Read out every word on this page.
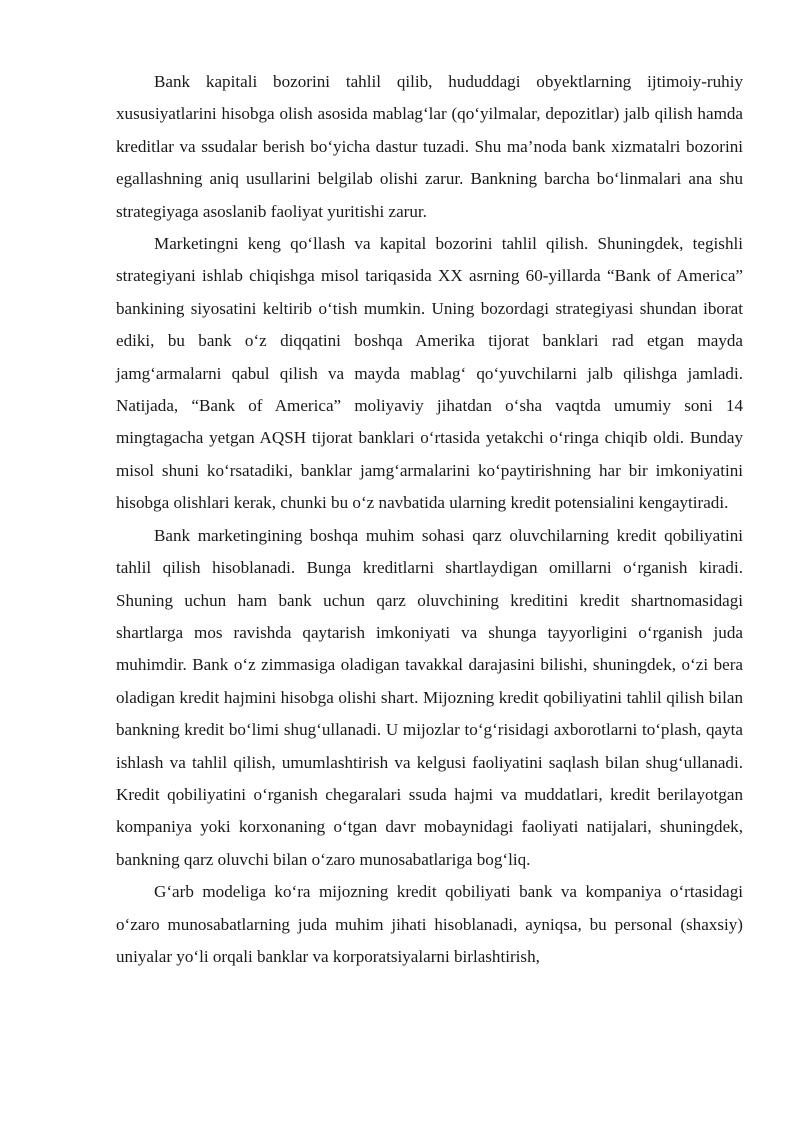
Bank kapitali bozorini tahlil qilib, hududdagi obyektlarning ijtimoiy-ruhiy xususiyatlarini hisobga olish asosida mablag‘lar (qo‘yilmalar, depozitlar) jalb qilish hamda kreditlar va ssudalar berish bo‘yicha dastur tuzadi. Shu ma’noda bank xizmatalri bozorini egallashning aniq usullarini belgilab olishi zarur. Bankning barcha bo‘linmalari ana shu strategiyaga asoslanib faoliyat yuritishi zarur.

Marketingni keng qo‘llash va kapital bozorini tahlil qilish. Shuningdek, tegishli strategiyani ishlab chiqishga misol tariqasida XX asrning 60-yillarda “Bank of America” bankining siyosatini keltirib o‘tish mumkin. Uning bozordagi strategiyasi shundan iborat ediki, bu bank o‘z diqqatini boshqa Amerika tijorat banklari rad etgan mayda jamg‘armalarni qabul qilish va mayda mablag‘ qo‘yuvchilarni jalb qilishga jamladi. Natijada, “Bank of America” moliyaviy jihatdan o‘sha vaqtda umumiy soni 14 mingtagacha yetgan AQSH tijorat banklari o‘rtasida yetakchi o‘ringa chiqib oldi. Bunday misol shuni ko‘rsatadiki, banklar jamg‘armalarini ko‘paytirishning har bir imkoniyatini hisobga olishlari kerak, chunki bu o‘z navbatida ularning kredit potensialini kengaytiradi.

Bank marketingining boshqa muhim sohasi qarz oluvchilarning kredit qobiliyatini tahlil qilish hisoblanadi. Bunga kreditlarni shartlaydigan omillarni o‘rganish kiradi. Shuning uchun ham bank uchun qarz oluvchining kreditini kredit shartnomasidagi shartlarga mos ravishda qaytarish imkoniyati va shunga tayyorligini o‘rganish juda muhimdir. Bank o‘z zimmasiga oladigan tavakkal darajasini bilishi, shuningdek, o‘zi bera oladigan kredit hajmini hisobga olishi shart. Mijozning kredit qobiliyatini tahlil qilish bilan bankning kredit bo‘limi shug‘ullanadi. U mijozlar to‘g‘risidagi axborotlarni to‘plash, qayta ishlash va tahlil qilish, umumlashtirish va kelgusi faoliyatini saqlash bilan shug‘ullanadi. Kredit qobiliyatini o‘rganish chegaralari ssuda hajmi va muddatlari, kredit berilayotgan kompaniya yoki korxonaning o‘tgan davr mobaynidagi faoliyati natijalari, shuningdek, bankning qarz oluvchi bilan o‘zaro munosabatlariga bog‘liq.

G‘arb modeliga ko‘ra mijozning kredit qobiliyati bank va kompaniya o‘rtasidagi o‘zaro munosabatlarning juda muhim jihati hisoblanadi, ayniqsa, bu personal (shaxsiy) uniyalar yo‘li orqali banklar va korporatsiyalarni birlashtirish,
